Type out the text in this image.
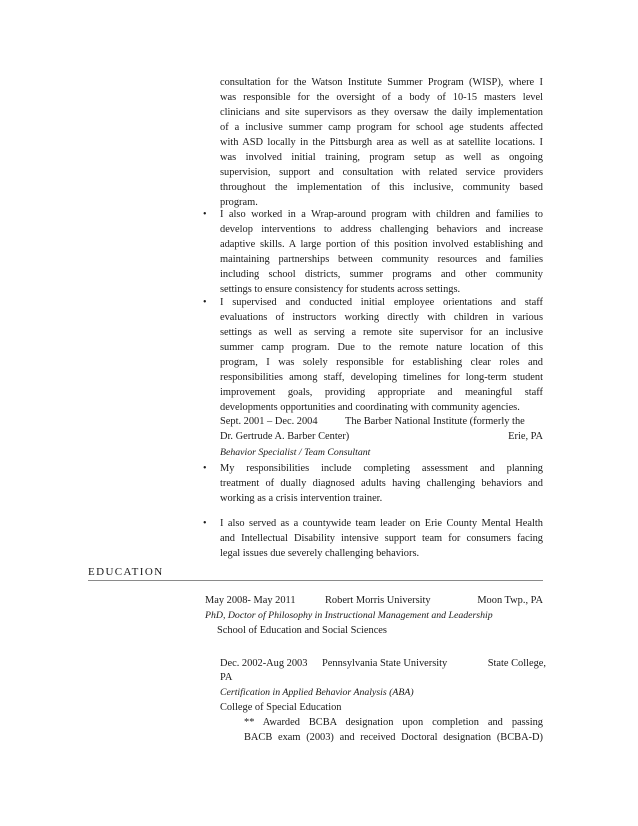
consultation for the Watson Institute Summer Program (WISP), where I
was responsible for the oversight of a body of 10-15 masters level
clinicians and site supervisors as they oversaw the daily implementation
of a inclusive summer camp program for school age students affected
with ASD locally in the Pittsburgh area as well as at satellite locations. I
was involved initial training, program setup as well as ongoing
supervision, support and consultation with related service providers
throughout the implementation of this inclusive, community based
program.
• I also worked in a Wrap-around program with children and families to
develop interventions to address challenging behaviors and increase
adaptive skills. A large portion of this position involved establishing and
maintaining partnerships between community resources and families
including school districts, summer programs and other community
settings to ensure consistency for students across settings.
• I supervised and conducted initial employee orientations and staff
evaluations of instructors working directly with children in various
settings as well as serving a remote site supervisor for an inclusive
summer camp program. Due to the remote nature location of this
program, I was solely responsible for establishing clear roles and
responsibilities among staff, developing timelines for long-term student
improvement goals, providing appropriate and meaningful staff
developments opportunities and coordinating with community agencies.
Sept. 2001 – Dec. 2004	The Barber National Institute (formerly the
Dr. Gertrude A. Barber Center)	Erie, PA
Behavior Specialist / Team Consultant
• My responsibilities include completing assessment and planning
treatment of dually diagnosed adults having challenging behaviors and
working as a crisis intervention trainer.
• I also served as a countywide team leader on Erie County Mental Health
and Intellectual Disability intensive support team for consumers facing
legal issues due severely challenging behaviors.
EDUCATION
May 2008- May 2011	Robert Morris University	Moon Twp., PA
PhD, Doctor of Philosophy in Instructional Management and Leadership
School of Education and Social Sciences
Dec. 2002-Aug 2003 Pennsylvania State University	State College,
PA
Certification in Applied Behavior Analysis (ABA)
College of Special Education
** Awarded BCBA designation upon completion and passing
BACB exam (2003) and received Doctoral designation (BCBA-D)
